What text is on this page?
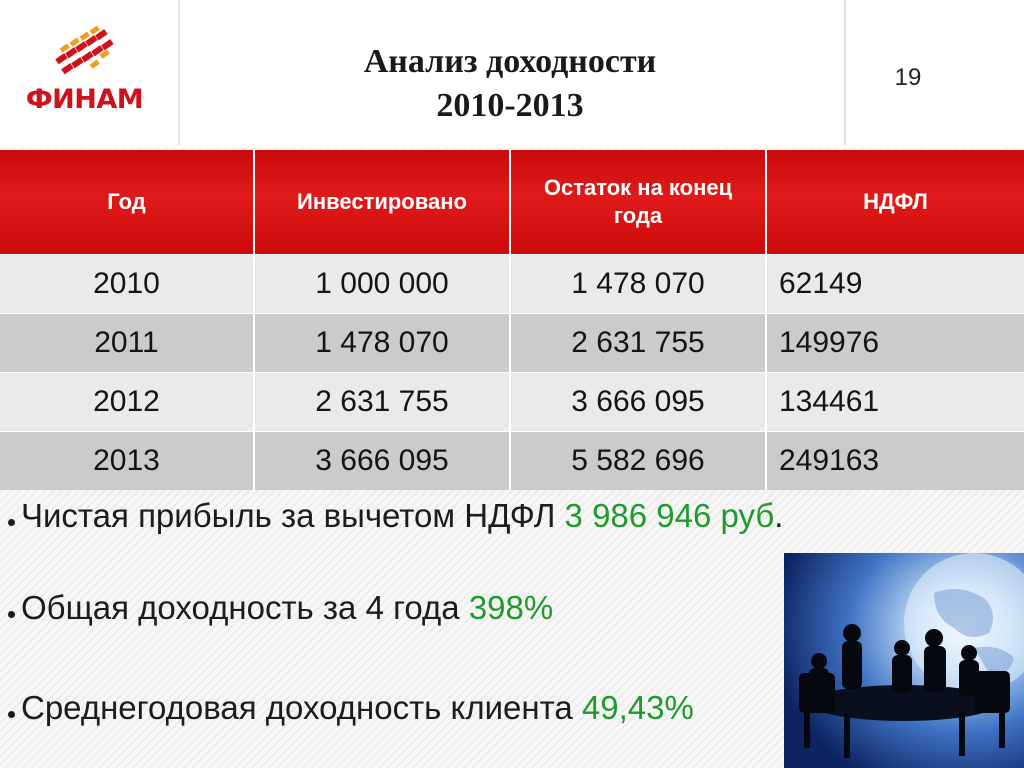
ФИНАМ
Анализ доходности
2010-2013
19
Год	Инвестировано	Остаток на конец года	НДФЛ
2010	1 000 000	1 478 070	62149
2011	1 478 070	2 631 755	149976
2012	2 631 755	3 666 095	134461
2013	3 666 095	5 582 696	249163
Чистая прибыль за вычетом НДФЛ 3 986 946 руб.
Общая доходность за 4 года 398%
Среднегодовая доходность клиента 49,43%
